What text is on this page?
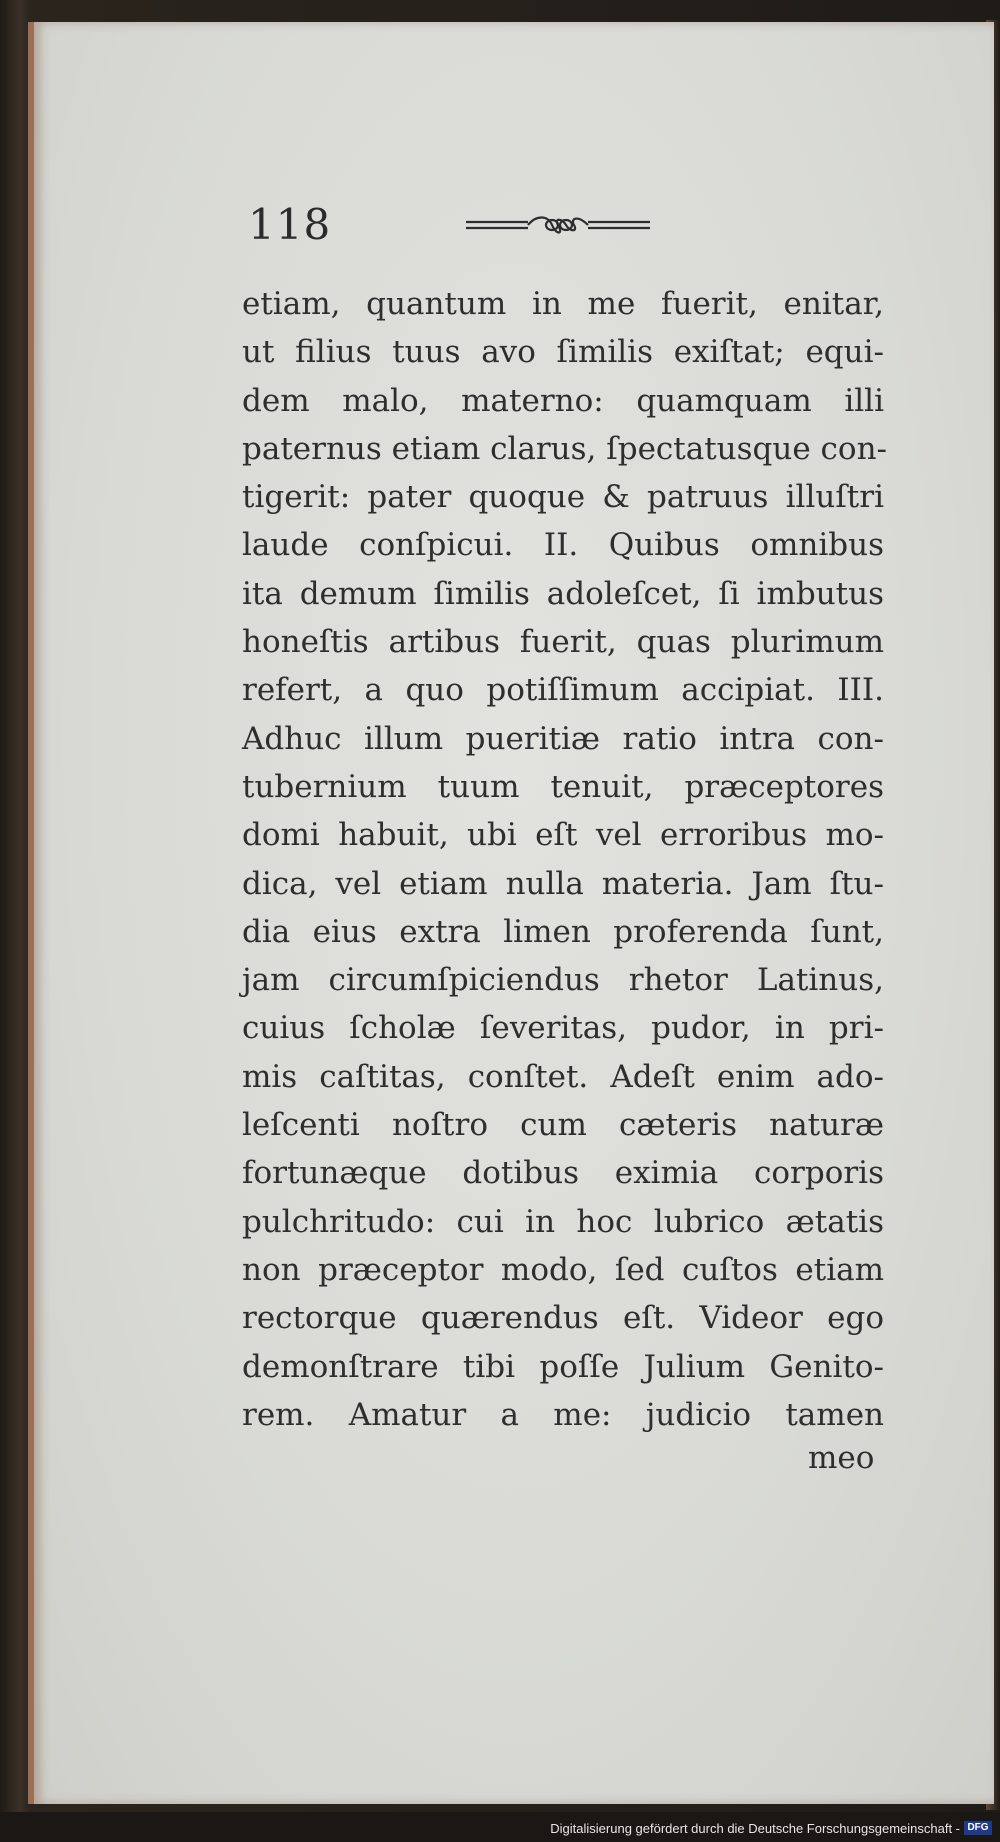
118
etiam, quantum in me fuerit, enitar,
ut filius tuus avo ſimilis exiſtat; equi-
dem malo, materno: quamquam illi
paternus etiam clarus, ſpectatusque con-
tigerit: pater quoque & patruus illuſtri
laude conſpicui. II. Quibus omnibus
ita demum ſimilis adoleſcet, ſi imbutus
honeſtis artibus fuerit, quas plurimum
refert, a quo potiſſimum accipiat. III.
Adhuc illum pueritiæ ratio intra con-
tubernium tuum tenuit, præceptores
domi habuit, ubi eſt vel erroribus mo-
dica, vel etiam nulla materia. Jam ſtu-
dia eius extra limen proferenda ſunt,
jam circumſpiciendus rhetor Latinus,
cuius ſcholæ ſeveritas, pudor, in pri-
mis caſtitas, conſtet. Adeſt enim ado-
leſcenti noſtro cum cæteris naturæ
fortunæque dotibus eximia corporis
pulchritudo: cui in hoc lubrico ætatis
non præceptor modo, ſed cuſtos etiam
rectorque quærendus eſt. Videor ego
demonſtrare tibi poſſe Julium Genito-
rem. Amatur a me: judicio tamen
meo
Digitalisierung gefördert durch die Deutsche Forschungsgemeinschaft - DFG
